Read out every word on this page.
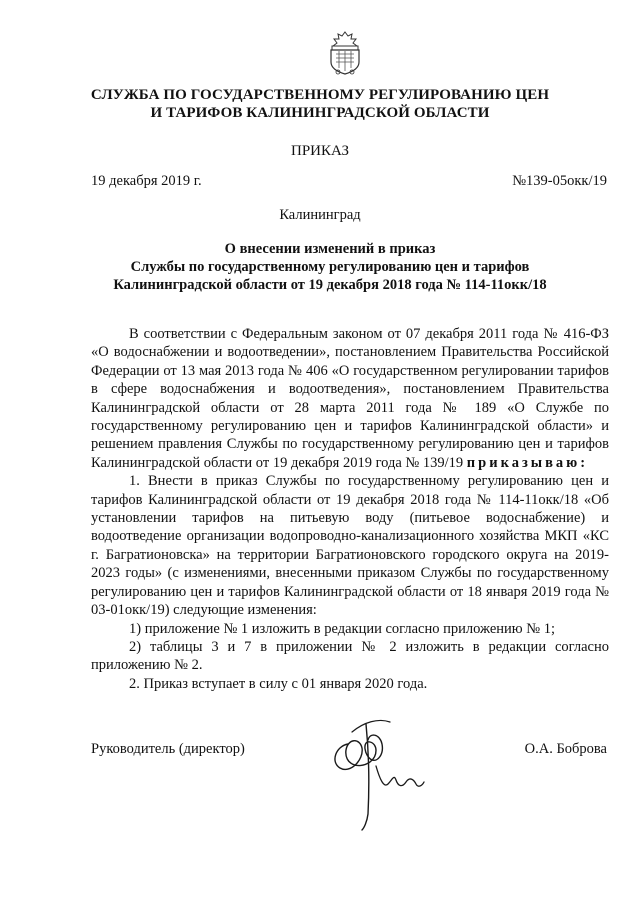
СЛУЖБА ПО ГОСУДАРСТВЕННОМУ РЕГУЛИРОВАНИЮ ЦЕН
И ТАРИФОВ КАЛИНИНГРАДСКОЙ ОБЛАСТИ
ПРИКАЗ
19 декабря 2019 г.	№139-05окк/19
Калининград
О внесении изменений в приказ
Службы по государственному регулированию цен и тарифов
Калининградской области от 19 декабря 2018 года № 114-11окк/18

В соответствии с Федеральным законом от 07 декабря 2011 года № 416-ФЗ «О водоснабжении и водоотведении», постановлением Правительства Российской Федерации от 13 мая 2013 года № 406 «О государственном регулировании тарифов в сфере водоснабжения и водоотведения», постановлением Правительства Калининградской области от 28 марта 2011 года № 189 «О Службе по государственному регулированию цен и тарифов Калининградской области» и решением правления Службы по государственному регулированию цен и тарифов Калининградской области от 19 декабря 2019 года № 139/19 приказываю:

1. Внести в приказ Службы по государственному регулированию цен и тарифов Калининградской области от 19 декабря 2018 года № 114-11окк/18 «Об установлении тарифов на питьевую воду (питьевое водоснабжение) и водоотведение организации водопроводно-канализационного хозяйства МКП «КС г. Багратионовска» на территории Багратионовского городского округа на 2019-2023 годы» (с изменениями, внесенными приказом Службы по государственному регулированию цен и тарифов Калининградской области от 18 января 2019 года № 03-01окк/19) следующие изменения:

1) приложение № 1 изложить в редакции согласно приложению № 1;

2) таблицы 3 и 7 в приложении № 2 изложить в редакции согласно приложению № 2.

2. Приказ вступает в силу с 01 января 2020 года.

Руководитель (директор)	О.А. Боброва
